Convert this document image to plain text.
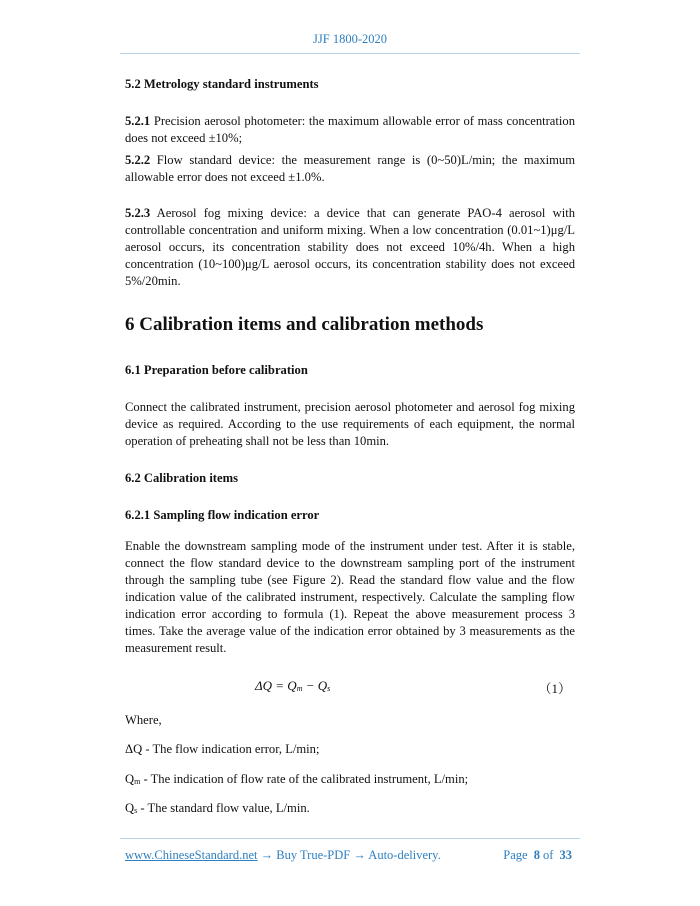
JJF 1800-2020
5.2 Metrology standard instruments
5.2.1 Precision aerosol photometer: the maximum allowable error of mass concentration does not exceed ±10%;
5.2.2 Flow standard device: the measurement range is (0~50)L/min; the maximum allowable error does not exceed ±1.0%.
5.2.3 Aerosol fog mixing device: a device that can generate PAO-4 aerosol with controllable concentration and uniform mixing. When a low concentration (0.01~1)μg/L aerosol occurs, its concentration stability does not exceed 10%/4h. When a high concentration (10~100)μg/L aerosol occurs, its concentration stability does not exceed 5%/20min.
6 Calibration items and calibration methods
6.1 Preparation before calibration
Connect the calibrated instrument, precision aerosol photometer and aerosol fog mixing device as required. According to the use requirements of each equipment, the normal operation of preheating shall not be less than 10min.
6.2 Calibration items
6.2.1 Sampling flow indication error
Enable the downstream sampling mode of the instrument under test. After it is stable, connect the flow standard device to the downstream sampling port of the instrument through the sampling tube (see Figure 2). Read the standard flow value and the flow indication value of the calibrated instrument, respectively. Calculate the sampling flow indication error according to formula (1). Repeat the above measurement process 3 times. Take the average value of the indication error obtained by 3 measurements as the measurement result.
$\Delta Q = Q_m - Q_s$	（1）
Where,
ΔQ - The flow indication error, L/min;
$Q_m$ - The indication of flow rate of the calibrated instrument, L/min;
$Q_s$ - The standard flow value, L/min.
www.ChineseStandard.net → Buy True-PDF → Auto-delivery.	Page 8 of 33
